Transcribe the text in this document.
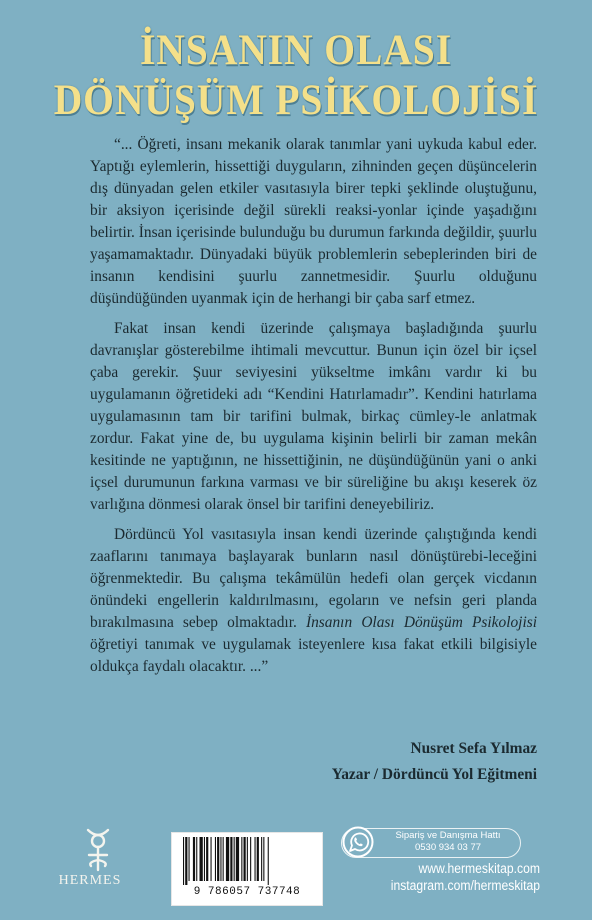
İNSANIN OLASI
DÖNÜŞÜM PSİKOLOJİSİ

“... Öğreti, insanı mekanik olarak tanımlar yani uykuda kabul eder. Yaptığı eylemlerin, hissettiği duyguların, zihninden geçen düşüncelerin dış dünyadan gelen etkiler vasıtasıyla birer tepki şeklinde oluştuğunu, bir aksiyon içerisinde değil sürekli reaksi-yonlar içinde yaşadığını belirtir. İnsan içerisinde bulunduğu bu durumun farkında değildir, şuurlu yaşamamaktadır. Dünyadaki büyük problemlerin sebeplerinden biri de insanın kendisini şuurlu zannetmesidir. Şuurlu olduğunu düşündüğünden uyanmak için de herhangi bir çaba sarf etmez.

Fakat insan kendi üzerinde çalışmaya başladığında şuurlu davranışlar gösterebilme ihtimali mevcuttur. Bunun için özel bir içsel çaba gerekir. Şuur seviyesini yükseltme imkânı vardır ki bu uygulamanın öğretideki adı “Kendini Hatırlamadır”. Kendini hatırlama uygulamasının tam bir tarifini bulmak, birkaç cümley-le anlatmak zordur. Fakat yine de, bu uygulama kişinin belirli bir zaman mekân kesitinde ne yaptığının, ne hissettiğinin, ne düşündüğünün yani o anki içsel durumunun farkına varması ve bir süreliğine bu akışı keserek öz varlığına dönmesi olarak önsel bir tarifini deneyebiliriz.

Dördüncü Yol vasıtasıyla insan kendi üzerinde çalıştığında kendi zaaflarını tanımaya başlayarak bunların nasıl dönüştürebi-leceğini öğrenmektedir. Bu çalışma tekâmülün hedefi olan gerçek vicdanın önündeki engellerin kaldırılmasını, egoların ve nefsin geri planda bırakılmasına sebep olmaktadır. İnsanın Olası Dönüşüm Psikolojisi öğretiyi tanımak ve uygulamak isteyenlere kısa fakat etkili bilgisiyle oldukça faydalı olacaktır. ...”

Nusret Sefa Yılmaz
Yazar / Dördüncü Yol Eğitmeni
HERMES
9 786057 737748
Sipariş ve Danışma Hattı
0530 934 03 77
www.hermeskitap.com
instagram.com/hermeskitap
